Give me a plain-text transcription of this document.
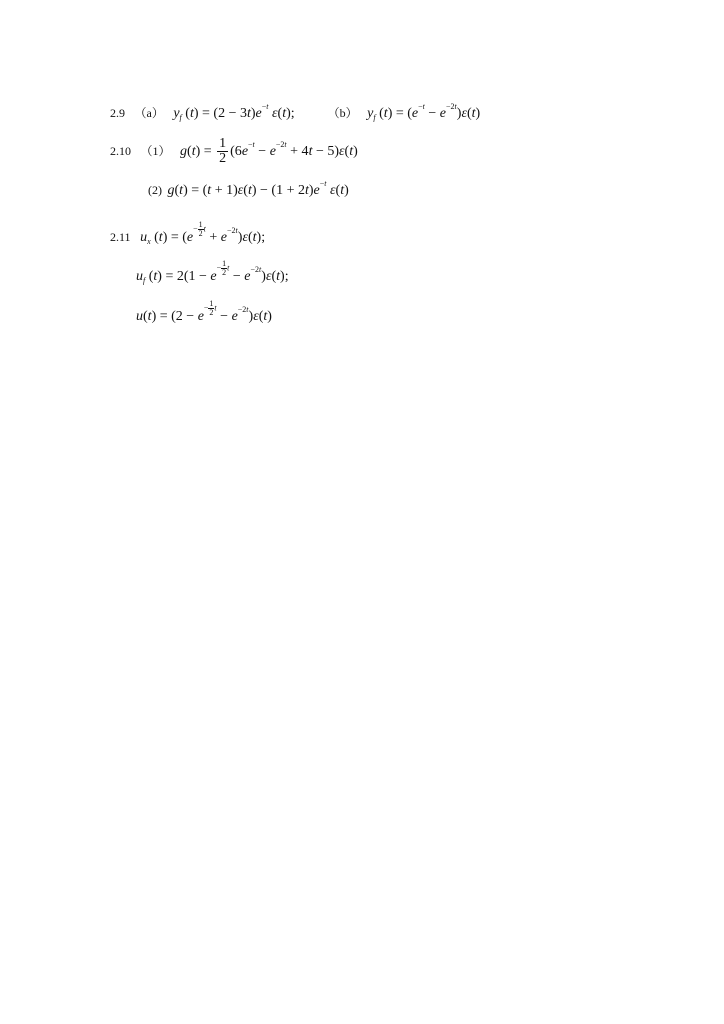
2.9 （a） $y_f$ $(t) = (2 - 3t)e^{-t}$ ε(t);	（b） $y_f$ $(t) = (e^{-t} - e^{-2t})\varepsilon(t)$
2.10 （1） $g(t) = \frac{1}{2} (6e^{-t} - e^{-2t} + 4t - 5)\varepsilon(t)$
(2) $g(t) = (t + 1)\varepsilon(t) - (1 + 2t)e^{-t}$ ε(t)
2.11 $u_x$ $(t) = (e- \frac{1}{2}$ $t + e^{-2t})\varepsilon(t)$;
$u_f$ $(t) = 2(1 - e- \frac{1}{2}$ $t - e^{-2t})\varepsilon(t)$;
$u(t) = (2 - e- \frac{1}{2}$ $t - e^{-2t})\varepsilon(t)$
